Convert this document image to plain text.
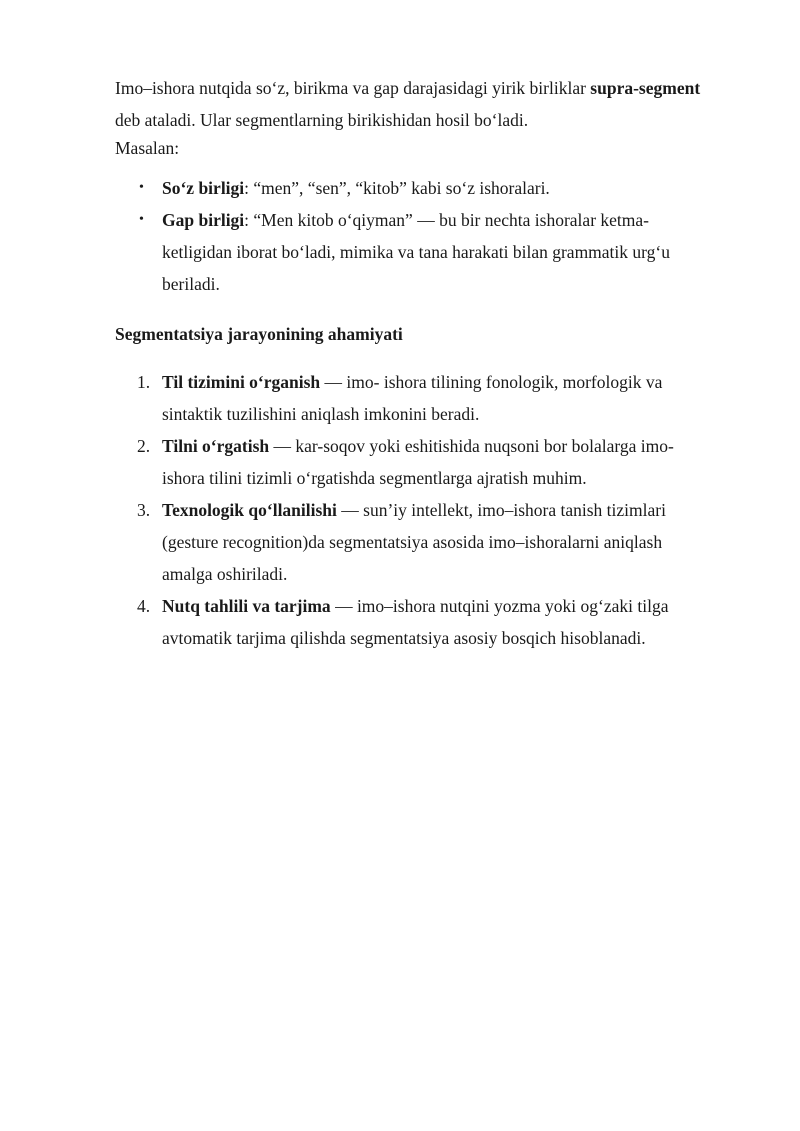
Imo–ishora nutqida so‘z, birikma va gap darajasidagi yirik birliklar supra-segment deb ataladi. Ular segmentlarning birikishidan hosil bo‘ladi.

Masalan:

• So‘z birligi: “men”, “sen”, “kitob” kabi so‘z ishoralari.
• Gap birligi: “Men kitob o‘qiyman” — bu bir nechta ishoralar ketma-ketligidan iborat bo‘ladi, mimika va tana harakati bilan grammatik urg‘u beriladi.

Segmentatsiya jarayonining ahamiyati

1. Til tizimini o‘rganish — imo- ishora tilining fonologik, morfologik va sintaktik tuzilishini aniqlash imkonini beradi.
2. Tilni o‘rgatish — kar-soqov yoki eshitishida nuqsoni bor bolalarga imo-ishora tilini tizimli o‘rgatishda segmentlarga ajratish muhim.
3. Texnologik qo‘llanilishi — sun’iy intellekt, imo–ishora tanish tizimlari (gesture recognition)da segmentatsiya asosida imo–ishoralarni aniqlash amalga oshiriladi.
4. Nutq tahlili va tarjima — imo–ishora nutqini yozma yoki og‘zaki tilga avtomatik tarjima qilishda segmentatsiya asosiy bosqich hisoblanadi.
